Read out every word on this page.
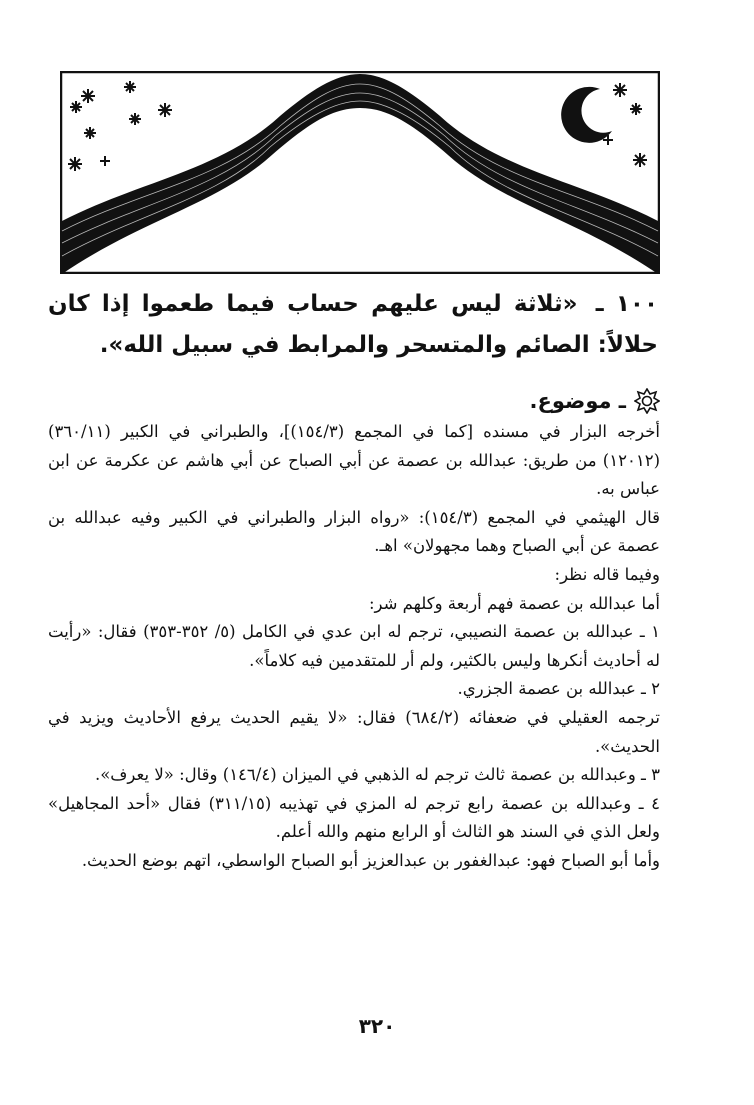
١٠٠ ـ «ثلاثة ليس عليهم حساب فيما طعموا إذا كان حلالاً: الصائم والمتسحر والمرابط في سبيل الله».
ـ موضوع.

أخرجه البزار في مسنده [كما في المجمع (١٥٤/٣)]، والطبراني في الكبير (٣٦٠/١١) (١٢٠١٢) من طريق: عبدالله بن عصمة عن أبي الصباح عن أبي هاشم عن عكرمة عن ابن عباس به.

قال الهيثمي في المجمع (١٥٤/٣): «رواه البزار والطبراني في الكبير وفيه عبدالله بن عصمة عن أبي الصباح وهما مجهولان» اهـ.

وفيما قاله نظر:

أما عبدالله بن عصمة فهم أربعة وكلهم شر:

١ ـ عبدالله بن عصمة النصيبي، ترجم له ابن عدي في الكامل (٥/ ٣٥٢-٣٥٣) فقال: «رأيت له أحاديث أنكرها وليس بالكثير، ولم أر للمتقدمين فيه كلاماً».

٢ ـ عبدالله بن عصمة الجزري.

ترجمه العقيلي في ضعفائه (٦٨٤/٢) فقال: «لا يقيم الحديث يرفع الأحاديث ويزيد في الحديث».

٣ ـ وعبدالله بن عصمة ثالث ترجم له الذهبي في الميزان (١٤٦/٤) وقال: «لا يعرف».

٤ ـ وعبدالله بن عصمة رابع ترجم له المزي في تهذيبه (٣١١/١٥) فقال «أحد المجاهيل» ولعل الذي في السند هو الثالث أو الرابع منهم والله أعلم.

وأما أبو الصباح فهو: عبدالغفور بن عبدالعزيز أبو الصباح الواسطي، اتهم بوضع الحديث.

٣٢٠
